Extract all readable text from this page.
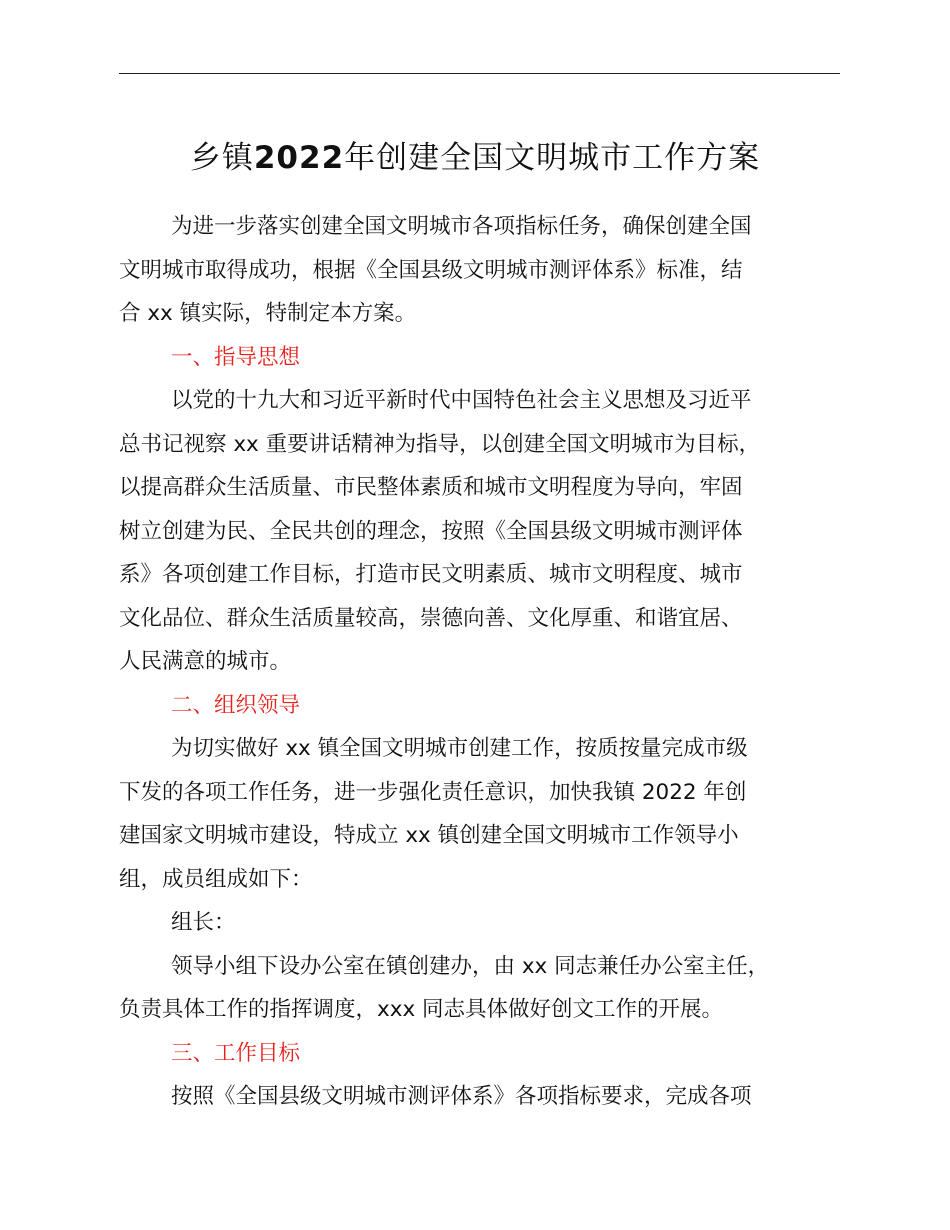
乡镇2022年创建全国文明城市工作方案
为进一步落实创建全国文明城市各项指标任务，确保创建全国
文明城市取得成功，根据《全国县级文明城市测评体系》标准，结
合 xx 镇实际，特制定本方案。
一、指导思想
以党的十九大和习近平新时代中国特色社会主义思想及习近平
总书记视察 xx 重要讲话精神为指导，以创建全国文明城市为目标，
以提高群众生活质量、市民整体素质和城市文明程度为导向，牢固
树立创建为民、全民共创的理念，按照《全国县级文明城市测评体
系》各项创建工作目标，打造市民文明素质、城市文明程度、城市
文化品位、群众生活质量较高，崇德向善、文化厚重、和谐宜居、
人民满意的城市。
二、组织领导
为切实做好 xx 镇全国文明城市创建工作，按质按量完成市级
下发的各项工作任务，进一步强化责任意识，加快我镇 2022 年创
建国家文明城市建设，特成立 xx 镇创建全国文明城市工作领导小
组，成员组成如下：
组长：
领导小组下设办公室在镇创建办，由 xx 同志兼任办公室主任，
负责具体工作的指挥调度，xxx 同志具体做好创文工作的开展。
三、工作目标
按照《全国县级文明城市测评体系》各项指标要求，完成各项
